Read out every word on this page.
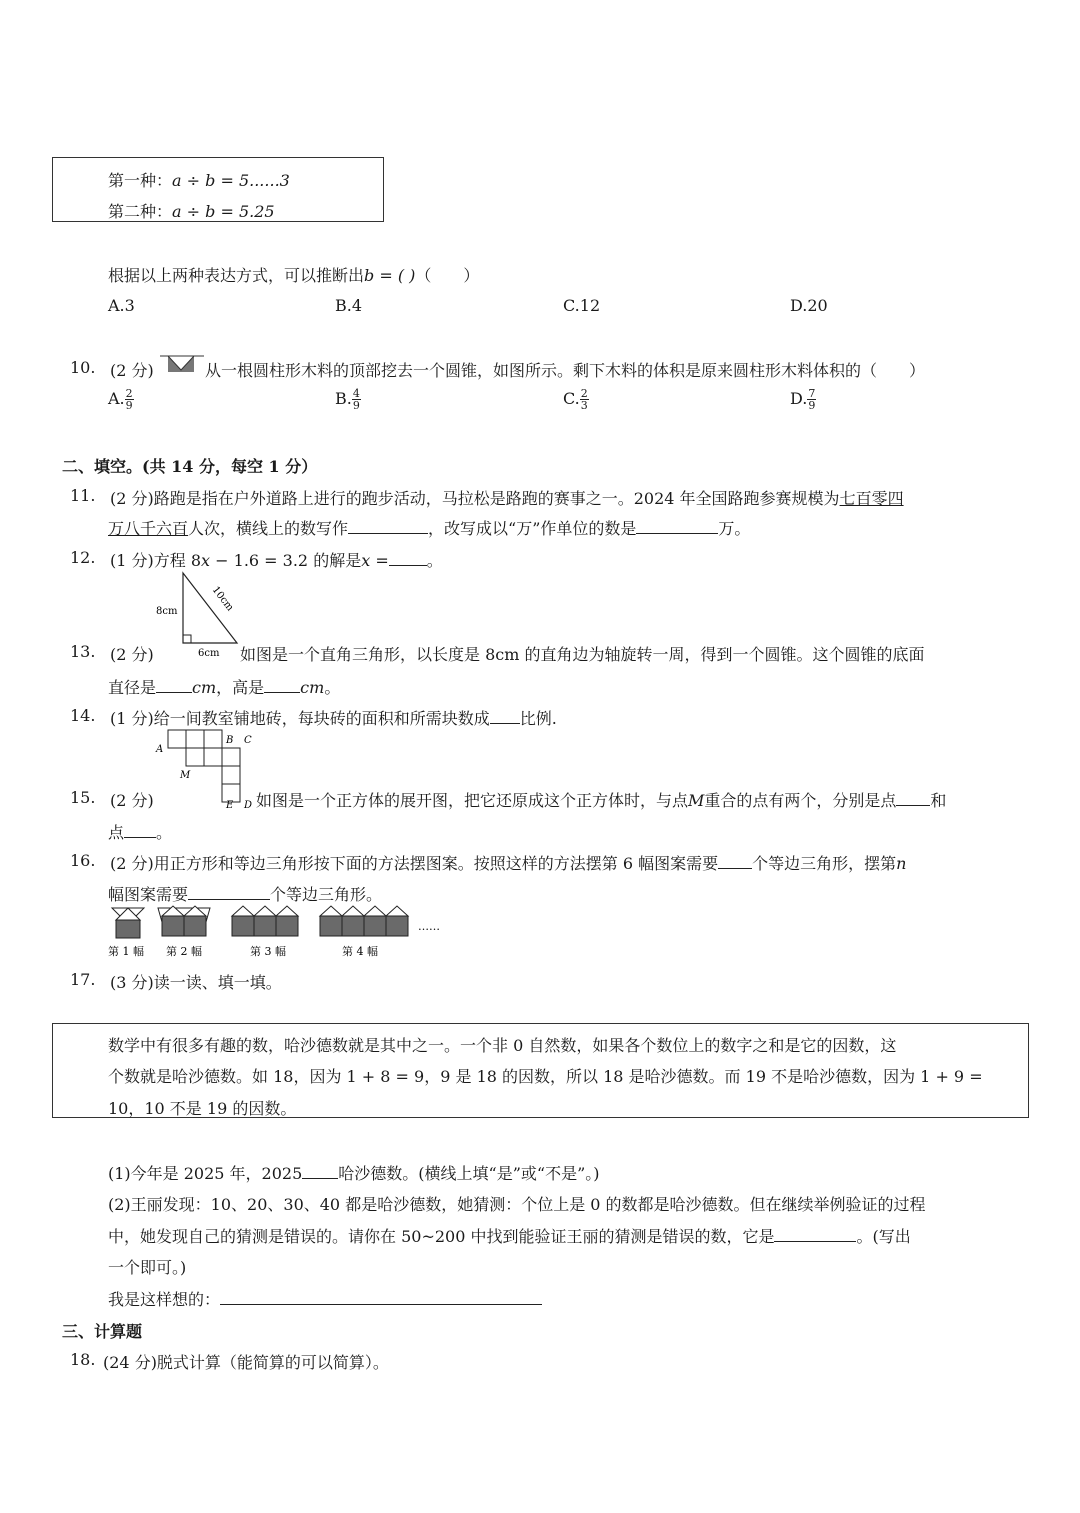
第一种：a ÷ b = 5......3
第二种：a ÷ b = 5.25
根据以上两种表达方式，可以推断出b = ( )（　　）
A.3	B.4	C.12	D.20
10. (2 分)	从一根圆柱形木料的顶部挖去一个圆锥，如图所示。剩下木料的体积是原来圆柱形木料体积的（　　）
A. $\frac{2}{9}$	B. $\frac{4}{9}$	C. $\frac{2}{3}$	D. $\frac{7}{9}$
二、填空。(共 14 分，每空 1 分）
11. (2 分)路跑是指在户外道路上进行的跑步活动，马拉松是路跑的赛事之一。2024 年全国路跑参赛规模为七百零四
万八千六百人次，横线上的数写作	，改写成以“万”作单位的数是	万。
12. (1 分)方程 8x − 1.6 = 3.2 的解是x = 。
8cm	10cm
6cm
13. (2 分)	如图是一个直角三角形，以长度是 8cm 的直角边为轴旋转一周，得到一个圆锥。这个圆锥的底面
直径是 cm，高是 cm。
14. (1 分)给一间教室铺地砖，每块砖的面积和所需块数成 比例.
A
B C
M
E D
15. (2 分)	如图是一个正方体的展开图，把它还原成这个正方体时，与点M重合的点有两个，分别是点 和
点 。
16. (2 分)用正方形和等边三角形按下面的方法摆图案。按照这样的方法摆第 6 幅图案需要 个等边三角形，摆第n
幅图案需要	个等边三角形。
第 1 幅 第 2 幅	第 3 幅	第 4 幅
……
17. (3 分)读一读、填一填。
数学中有很多有趣的数，哈沙德数就是其中之一。一个非 0 自然数，如果各个数位上的数字之和是它的因数，这
个数就是哈沙德数。如 18，因为 1 + 8 = 9，9 是 18 的因数，所以 18 是哈沙德数。而 19 不是哈沙德数，因为 1 + 9 =
10，10 不是 19 的因数。
(1)今年是 2025 年，2025 哈沙德数。(横线上填“是”或“不是”。)
(2)王丽发现：10、20、30、40 都是哈沙德数，她猜测：个位上是 0 的数都是哈沙德数。但在继续举例验证的过程
中，她发现自己的猜测是错误的。请你在 50~200 中找到能验证王丽的猜测是错误的数，它是	。(写出
一个即可。)
我是这样想的：
三、计算题
18. (24 分)脱式计算（能简算的可以简算）。
